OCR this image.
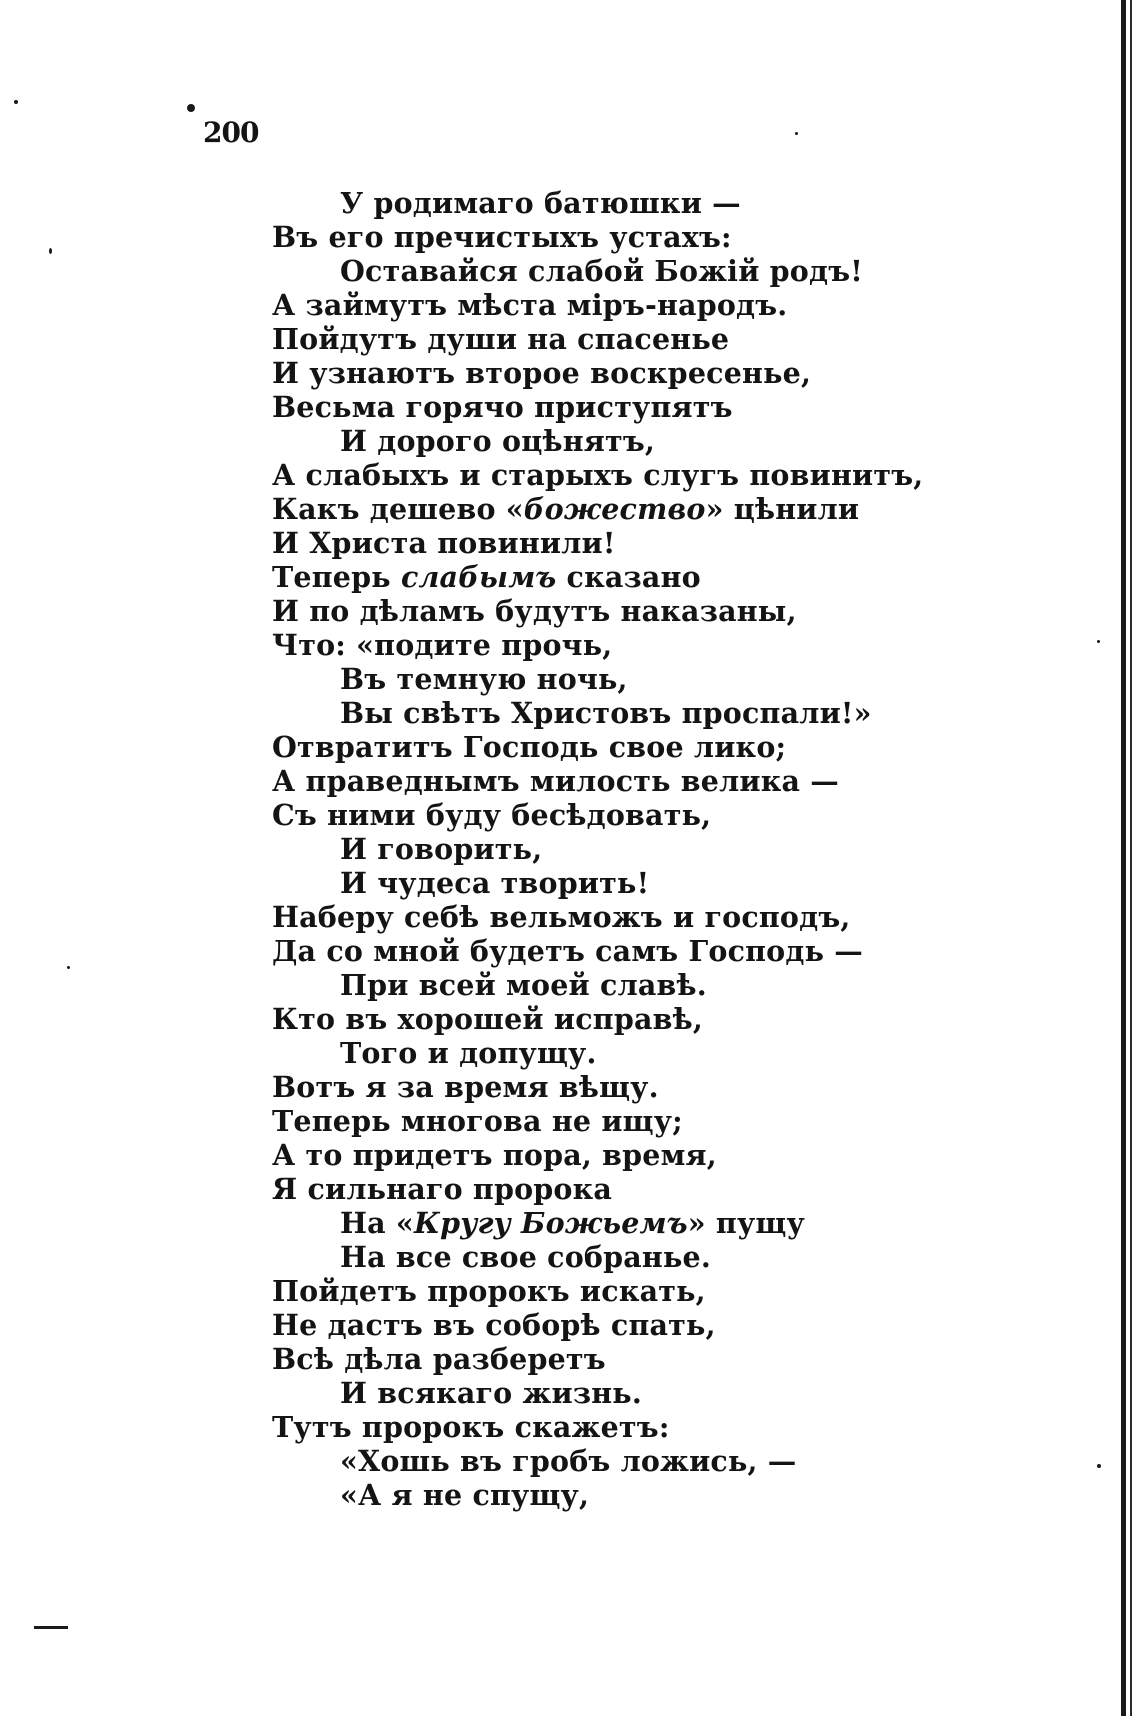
200
У родимаго батюшки —
Въ его пречистыхъ устахъ:
Оставайся слабой Божій родъ!
А займутъ мѣста міръ-народъ.
Пойдутъ души на спасенье
И узнаютъ второе воскресенье,
Весьма горячо приступятъ
И дорого оцѣнятъ,
А слабыхъ и старыхъ слугъ повинитъ,
Какъ дешево «божество» цѣнили
И Христа повинили!
Теперь слабымъ сказано
И по дѣламъ будутъ наказаны,
Что: «подите прочь,
Въ темную ночь,
Вы свѣтъ Христовъ проспали!»
Отвратитъ Господь свое лико;
А праведнымъ милость велика —
Съ ними буду бесѣдовать,
И говорить,
И чудеса творить!
Наберу себѣ вельможъ и господъ,
Да со мной будетъ самъ Господь —
При всей моей славѣ.
Кто въ хорошей исправѣ,
Того и допущу.
Вотъ я за время вѣщу.
Теперь многова не ищу;
А то придетъ пора, время,
Я сильнаго пророка
На «Кругу Божьемъ» пущу
На все свое собранье.
Пойдетъ пророкъ искать,
Не дастъ въ соборѣ спать,
Всѣ дѣла разберетъ
И всякаго жизнь.
Тутъ пророкъ скажетъ:
«Хошь въ гробъ ложись, —
«А я не спущу,
